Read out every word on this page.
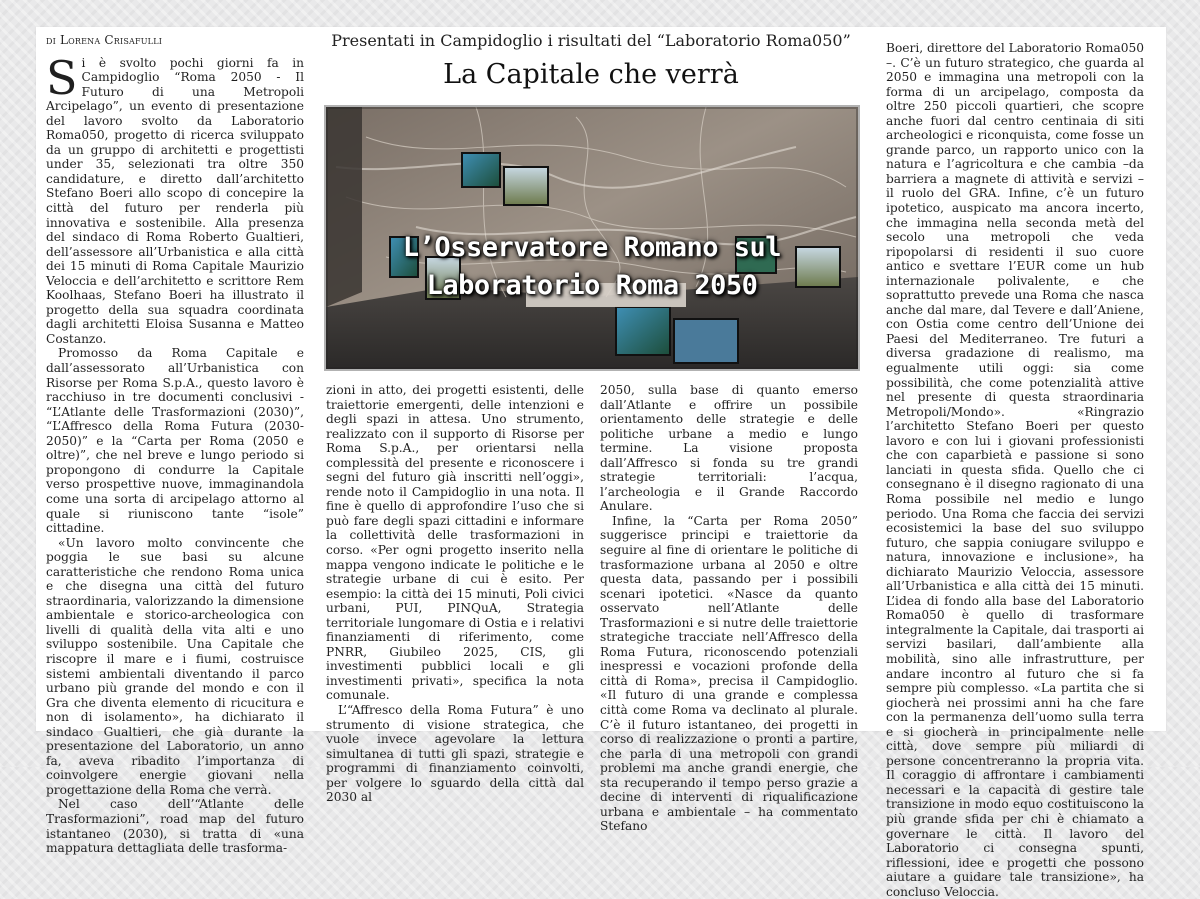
di Lorena Crisafulli

Si è svolto pochi giorni fa in Campidoglio “Roma 2050 - Il Futuro di una Metropoli Arcipelago”, un evento di presentazione del lavoro svolto da Laboratorio Roma050, progetto di ricerca sviluppato da un gruppo di architetti e progettisti under 35, selezionati tra oltre 350 candidature, e diretto dall’architetto Stefano Boeri allo scopo di concepire la città del futuro per renderla più innovativa e sostenibile. Alla presenza del sindaco di Roma Roberto Gualtieri, dell’assessore all’Urbanistica e alla città dei 15 minuti di Roma Capitale Maurizio Veloccia e dell’architetto e scrittore Rem Koolhaas, Stefano Boeri ha illustrato il progetto della sua squadra coordinata dagli architetti Eloisa Susanna e Matteo Costanzo.

Promosso da Roma Capitale e dall’assessorato all’Urbanistica con Risorse per Roma S.p.A., questo lavoro è racchiuso in tre documenti conclusivi - “L’Atlante delle Trasformazioni (2030)”, “L’Affresco della Roma Futura (2030-2050)” e la “Carta per Roma (2050 e oltre)”, che nel breve e lungo periodo si propongono di condurre la Capitale verso prospettive nuove, immaginandola come una sorta di arcipelago attorno al quale si riuniscono tante “isole” cittadine.

«Un lavoro molto convincente che poggia le sue basi su alcune caratteristiche che rendono Roma unica e che disegna una città del futuro straordinaria, valorizzando la dimensione ambientale e storico-archeologica con livelli di qualità della vita alti e uno sviluppo sostenibile. Una Capitale che riscopre il mare e i fiumi, costruisce sistemi ambientali diventando il parco urbano più grande del mondo e con il Gra che diventa elemento di ricucitura e non di isolamento», ha dichiarato il sindaco Gualtieri, che già durante la presentazione del Laboratorio, un anno fa, aveva ribadito l’importanza di coinvolgere energie giovani nella progettazione della Roma che verrà.

Nel caso dell’“Atlante delle Trasformazioni”, road map del futuro istantaneo (2030), si tratta di «una mappatura dettagliata delle trasforma-

Presentati in Campidoglio i risultati del “Laboratorio Roma050”
La Capitale che verrà
L’Osservatore Romano sul
Laboratorio Roma 2050

zioni in atto, dei progetti esistenti, delle traiettorie emergenti, delle intenzioni e degli spazi in attesa. Uno strumento, realizzato con il supporto di Risorse per Roma S.p.A., per orientarsi nella complessità del presente e riconoscere i segni del futuro già inscritti nell’oggi», rende noto il Campidoglio in una nota. Il fine è quello di approfondire l’uso che si può fare degli spazi cittadini e informare la collettività delle trasformazioni in corso. «Per ogni progetto inserito nella mappa vengono indicate le politiche e le strategie urbane di cui è esito. Per esempio: la città dei 15 minuti, Poli civici urbani, PUI, PINQuA, Strategia territoriale lungomare di Ostia e i relativi finanziamenti di riferimento, come PNRR, Giubileo 2025, CIS, gli investimenti pubblici locali e gli investimenti privati», specifica la nota comunale.

L’“Affresco della Roma Futura” è uno strumento di visione strategica, che vuole invece agevolare la lettura simultanea di tutti gli spazi, strategie e programmi di finanziamento coinvolti, per volgere lo sguardo della città dal 2030 al

2050, sulla base di quanto emerso dall’Atlante e offrire un possibile orientamento delle strategie e delle politiche urbane a medio e lungo termine. La visione proposta dall’Affresco si fonda su tre grandi strategie territoriali: l’acqua, l’archeologia e il Grande Raccordo Anulare.

Infine, la “Carta per Roma 2050” suggerisce principi e traiettorie da seguire al fine di orientare le politiche di trasformazione urbana al 2050 e oltre questa data, passando per i possibili scenari ipotetici. «Nasce da quanto osservato nell’Atlante delle Trasformazioni e si nutre delle traiettorie strategiche tracciate nell’Affresco della Roma Futura, riconoscendo potenziali inespressi e vocazioni profonde della città di Roma», precisa il Campidoglio. «Il futuro di una grande e complessa città come Roma va declinato al plurale. C’è il futuro istantaneo, dei progetti in corso di realizzazione o pronti a partire, che parla di una metropoli con grandi problemi ma anche grandi energie, che sta recuperando il tempo perso grazie a decine di interventi di riqualificazione urbana e ambientale – ha commentato Stefano

Boeri, direttore del Laboratorio Roma050 –. C’è un futuro strategico, che guarda al 2050 e immagina una metropoli con la forma di un arcipelago, composta da oltre 250 piccoli quartieri, che scopre anche fuori dal centro centinaia di siti archeologici e riconquista, come fosse un grande parco, un rapporto unico con la natura e l’agricoltura e che cambia –da barriera a magnete di attività e servizi – il ruolo del GRA. Infine, c’è un futuro ipotetico, auspicato ma ancora incerto, che immagina nella seconda metà del secolo una metropoli che veda ripopolarsi di residenti il suo cuore antico e svettare l’EUR come un hub internazionale polivalente, e che soprattutto prevede una Roma che nasca anche dal mare, dal Tevere e dall’Aniene, con Ostia come centro dell’Unione dei Paesi del Mediterraneo. Tre futuri a diversa gradazione di realismo, ma egualmente utili oggi: sia come possibilità, che come potenzialità attive nel presente di questa straordinaria Metropoli/Mondo». «Ringrazio l’architetto Stefano Boeri per questo lavoro e con lui i giovani professionisti che con caparbietà e passione si sono lanciati in questa sfida. Quello che ci consegnano è il disegno ragionato di una Roma possibile nel medio e lungo periodo. Una Roma che faccia dei servizi ecosistemici la base del suo sviluppo futuro, che sappia coniugare sviluppo e natura, innovazione e inclusione», ha dichiarato Maurizio Veloccia, assessore all’Urbanistica e alla città dei 15 minuti. L’idea di fondo alla base del Laboratorio Roma050 è quello di trasformare integralmente la Capitale, dai trasporti ai servizi basilari, dall’ambiente alla mobilità, sino alle infrastrutture, per andare incontro al futuro che si fa sempre più complesso. «La partita che si giocherà nei prossimi anni ha che fare con la permanenza dell’uomo sulla terra e si giocherà in principalmente nelle città, dove sempre più miliardi di persone concentreranno la propria vita. Il coraggio di affrontare i cambiamenti necessari e la capacità di gestire tale transizione in modo equo costituiscono la più grande sfida per chi è chiamato a governare le città. Il lavoro del Laboratorio ci consegna spunti, riflessioni, idee e progetti che possono aiutare a guidare tale transizione», ha concluso Veloccia.
